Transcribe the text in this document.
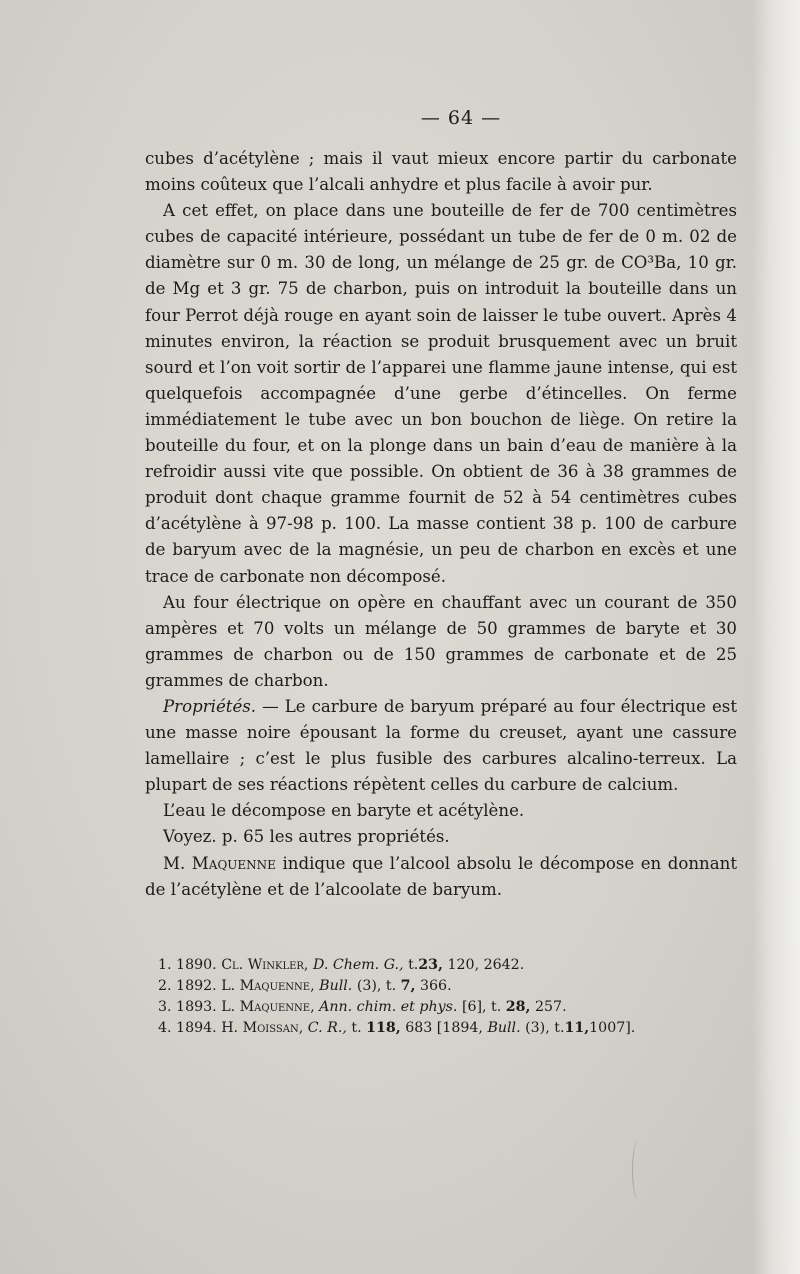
— 64 —

cubes d’acétylène ; mais il vaut mieux encore partir du carbonate moins coûteux que l’alcali anhydre et plus facile à avoir pur.

A cet effet, on place dans une bouteille de fer de 700 centimètres cubes de capacité intérieure, possédant un tube de fer de 0 m. 02 de diamètre sur 0 m. 30 de long, un mélange de 25 gr. de CO³Ba, 10 gr. de Mg et 3 gr. 75 de charbon, puis on introduit la bouteille dans un four Perrot déjà rouge en ayant soin de laisser le tube ouvert. Après 4 minutes environ, la réaction se produit brusquement avec un bruit sourd et l’on voit sortir de l’apparei une flamme jaune intense, qui est quelquefois accompagnée d’une gerbe d’étincelles. On ferme immédiatement le tube avec un bon bouchon de liège. On retire la bouteille du four, et on la plonge dans un bain d’eau de manière à la refroidir aussi vite que possible. On obtient de 36 à 38 grammes de produit dont chaque gramme fournit de 52 à 54 centimètres cubes d’acétylène à 97-98 p. 100. La masse contient 38 p. 100 de carbure de baryum avec de la magnésie, un peu de charbon en excès et une trace de carbonate non décomposé.

Au four électrique on opère en chauffant avec un courant de 350 ampères et 70 volts un mélange de 50 grammes de baryte et 30 grammes de charbon ou de 150 grammes de carbonate et de 25 grammes de charbon.

Propriétés. — Le carbure de baryum préparé au four électrique est une masse noire épousant la forme du creuset, ayant une cassure lamellaire ; c’est le plus fusible des carbures alcalino-terreux. La plupart de ses réactions répètent celles du carbure de calcium.

L’eau le décompose en baryte et acétylène.

Voyez. p. 65 les autres propriétés.

M. Maquenne indique que l’alcool absolu le décompose en donnant de l’acétylène et de l’alcoolate de baryum.

1. 1890. Cl. Winkler, D. Chem. G., t.23, 120, 2642.

2. 1892. L. Maquenne, Bull. (3), t. 7, 366.

3. 1893. L. Maquenne, Ann. chim. et phys. [6], t. 28, 257.

4. 1894. H. Moissan, C. R., t. 118, 683 [1894, Bull. (3), t.11,1007].
